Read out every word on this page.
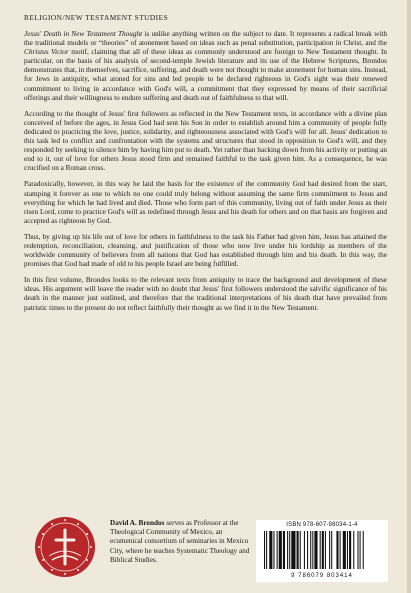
RELIGION/NEW TESTAMENT STUDIES

Jesus' Death in New Testament Thought is unlike anything written on the subject to date. It represents a radical break with the traditional models or “theories” of atonement based on ideas such as penal substitution, participation in Christ, and the Christus Victor motif, claiming that all of these ideas as commonly understood are foreign to New Testament thought. In particular, on the basis of his analysis of second-temple Jewish literature and its use of the Hebrew Scriptures, Brondos demonstrates that, in themselves, sacrifice, suffering, and death were not thought to make atonement for human sins. Instead, for Jews in antiquity, what atoned for sins and led people to be declared righteous in God's sight was their renewed commitment to living in accordance with God's will, a commitment that they expressed by means of their sacrificial offerings and their willingness to endure suffering and death out of faithfulness to that will.

According to the thought of Jesus' first followers as reflected in the New Testament texts, in accordance with a divine plan conceived of before the ages, in Jesus God had sent his Son in order to establish around him a community of people fully dedicated to practicing the love, justice, solidarity, and righteousness associated with God's will for all. Jesus' dedication to this task led to conflict and confrontation with the systems and structures that stood in opposition to God's will, and they responded by seeking to silence him by having him put to death. Yet rather than backing down from his activity or putting an end to it, out of love for others Jesus stood firm and remained faithful to the task given him. As a consequence, he was crucified on a Roman cross.

Paradoxically, however, in this way he laid the basis for the existence of the community God had desired from the start, stamping it forever as one to which no one could truly belong without assuming the same firm commitment to Jesus and everything for which he had lived and died. Those who form part of this community, living out of faith under Jesus as their risen Lord, come to practice God's will as redefined through Jesus and his death for others and on that basis are forgiven and accepted as righteous by God.

Thus, by giving up his life out of love for others in faithfulness to the task his Father had given him, Jesus has attained the redemption, reconciliation, cleansing, and justification of those who now live under his lordship as members of the worldwide community of believers from all nations that God has established through him and his death. In this way, the promises that God had made of old to his people Israel are being fulfilled.

In this first volume, Brondos looks to the relevant texts from antiquity to trace the background and development of these ideas. His argument will leave the reader with no doubt that Jesus' first followers understood the salvific significance of his death in the manner just outlined, and therefore that the traditional interpretations of his death that have prevailed from patristic times to the present do not reflect faithfully their thought as we find it in the New Testament.

David A. Brondos serves as Professor at the Theological Community of Mexico, an ecumenical consortium of seminaries in Mexico City, where he teaches Systematic Theology and Biblical Studies.
ISBN 978-607-98034-1-4
9 786079 803414
